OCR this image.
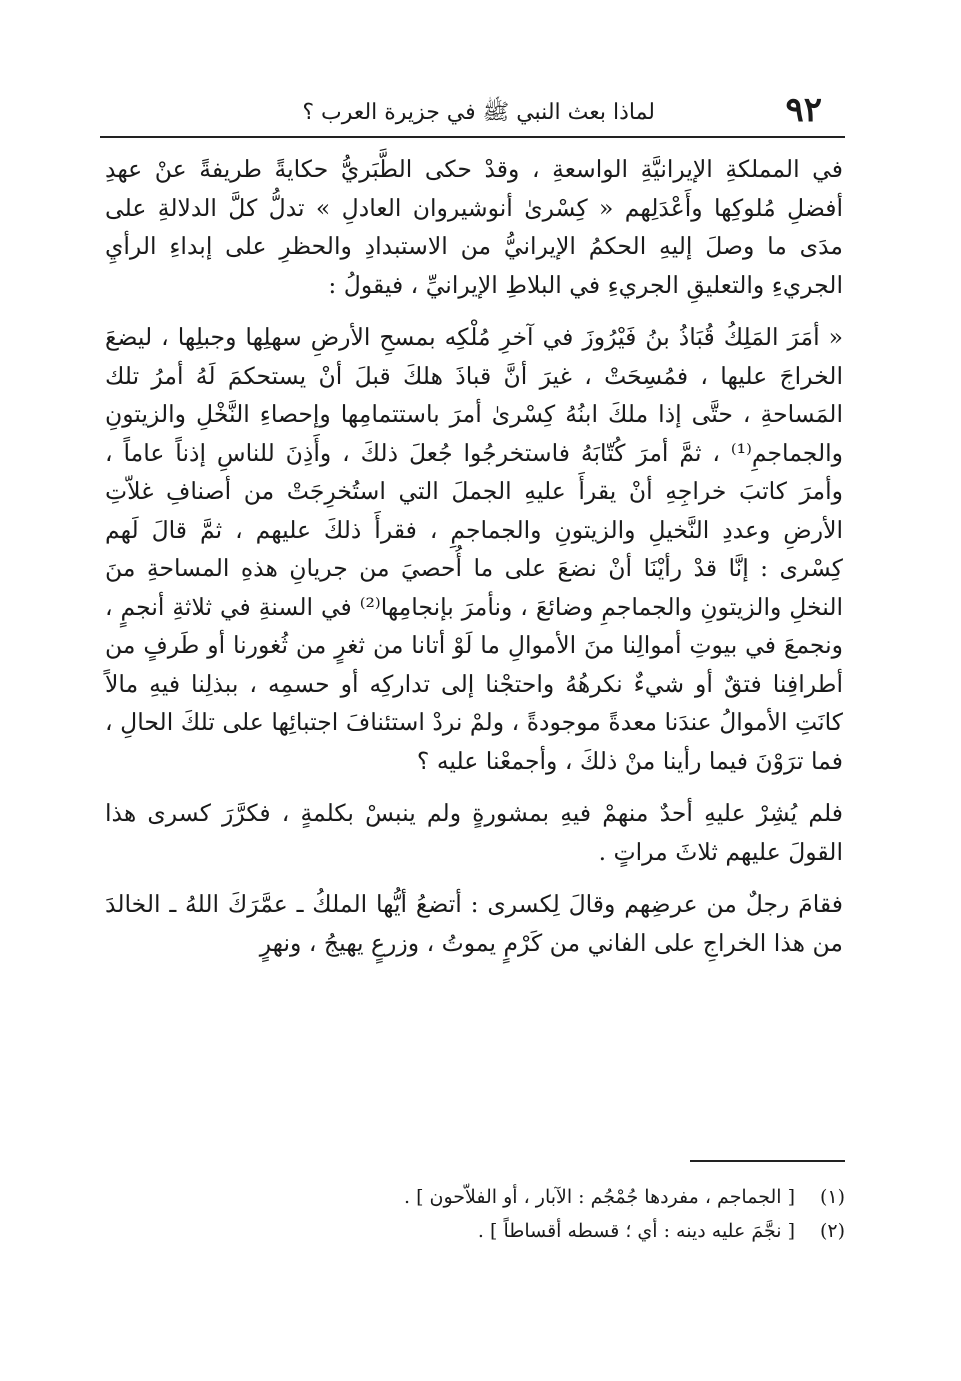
٩٢
لماذا بعث النبي ﷺ في جزيرة العرب ؟

في المملكةِ الإيرانيَّةِ الواسعةِ ، وقدْ حكى الطَّبَريُّ حكايةً طريفةً عنْ عهدِ أفضلِ مُلوكِها وأَعْدَلِهم « كِسْرىٰ أنوشيروان العادلِ » تدلُّ كلَّ الدلالةِ على مدَى ما وصلَ إليهِ الحكمُ الإيرانيُّ من الاستبدادِ والحظرِ على إبداءِ الرأيِ الجريءِ والتعليقِ الجريءِ في البلاطِ الإيرانيِّ ، فيقولُ :

« أمَرَ المَلِكُ قُبَاذُ بنُ فَيْرُوزَ في آخرِ مُلْكِه بمسحِ الأرضِ سهلِها وجبلِها ، ليضعَ الخراجَ عليها ، فمُسِحَتْ ، غيرَ أنَّ قباذَ هلكَ قبلَ أنْ يستحكمَ لَهُ أمرُ تلك المَساحةِ ، حتَّى إذا ملكَ ابنُهُ كِسْرىٰ أمرَ باستتمامِها وإحصاءِ النَّخْلِ والزيتونِ والجماجمِ⁽¹⁾ ، ثمَّ أمرَ كُتّابَهُ فاستخرجُوا جُعلَ ذلكَ ، وأَذِنَ للناسِ إذناً عاماً ، وأمرَ كاتبَ خراجِهِ أنْ يقرأَ عليهِ الجملَ التي استُخرِجَتْ من أصنافِ غلاّتِ الأرضِ وعددِ النَّخيلِ والزيتونِ والجماجمِ ، فقرأَ ذلكَ عليهم ، ثمَّ قالَ لَهم كِسْرى : إنَّا قدْ رأيْنَا أنْ نضعَ على ما أُحصيَ من جريانِ هذهِ المساحةِ منَ النخلِ والزيتونِ والجماجمِ وضائعَ ، ونأمرَ بإنجامِها⁽²⁾ في السنةِ في ثلاثةِ أنجمٍ ، ونجمعَ في بيوتِ أموالِنا منَ الأموالِ ما لَوْ أتانا من ثغرٍ من ثُغورنا أو طَرفٍ من أطرافِنا فتقٌ أو شيءٌ نكرهُهُ واحتجْنا إلى تداركِه أو حسمِه ، ببذلِنا فيهِ مالاً كانَتِ الأموالُ عندَنا معدةً موجودةً ، ولمْ نردْ استئنافَ اجتبائِها على تلكَ الحالِ ، فما ترَوْنَ فيما رأينا منْ ذلكَ ، وأجمعْنا عليه ؟

فلم يُشِرْ عليهِ أحدٌ منهمْ فيهِ بمشورةٍ ولم ينبسْ بكلمةٍ ، فكرَّرَ كسرى هذا القولَ عليهم ثلاثَ مراتٍ .

فقامَ رجلٌ من عرضِهم وقالَ لِكسرى : أتضعُ أيُّها الملكُ ـ عمَّرَكَ اللهُ ـ الخالدَ من هذا الخراجِ على الفاني من كَرْمٍ يموتُ ، وزرعٍ يهيجُ ، ونهرٍ

(١)
[ الجماجم ، مفردها جُمْجُم : الآبار ، أو الفلاّحون ] .
(٢)
[ نجَّمَ عليه دينه : أي ؛ قسطه أقساطاً ] .
